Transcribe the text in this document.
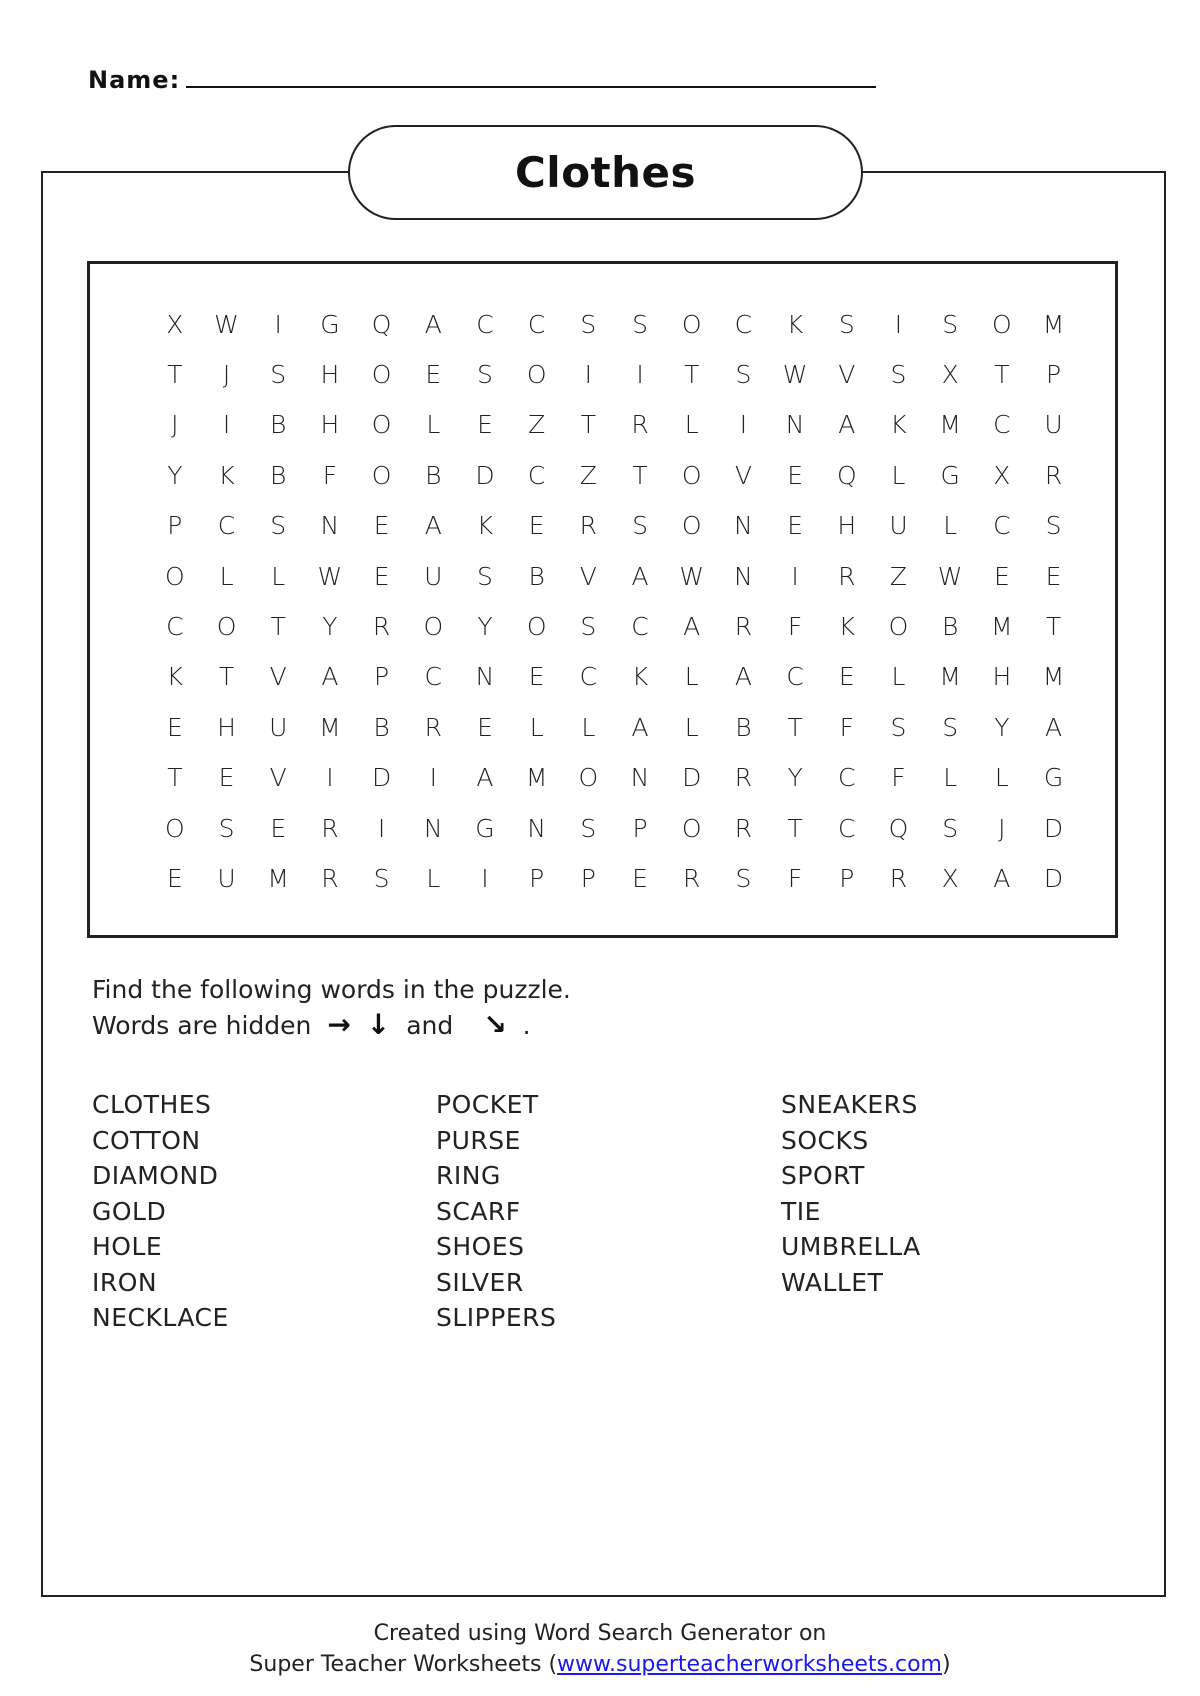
Name:
Clothes
X	W	I	G	Q	A	C	C	S	S	O	C	K	S	I	S	O	M
T	J	S	H	O	E	S	O	I	I	T	S	W	V	S	X	T	P
J	I	B	H	O	L	E	Z	T	R	L	I	N	A	K	M	C	U
Y	K	B	F	O	B	D	C	Z	T	O	V	E	Q	L	G	X	R
P	C	S	N	E	A	K	E	R	S	O	N	E	H	U	L	C	S
O	L	L	W	E	U	S	B	V	A	W	N	I	R	Z	W	E	E
C	O	T	Y	R	O	Y	O	S	C	A	R	F	K	O	B	M	T
K	T	V	A	P	C	N	E	C	K	L	A	C	E	L	M	H	M
E	H	U	M	B	R	E	L	L	A	L	B	T	F	S	S	Y	A
T	E	V	I	D	I	A	M	O	N	D	R	Y	C	F	L	L	G
O	S	E	R	I	N	G	N	S	P	O	R	T	C	Q	S	J	D
E	U	M	R	S	L	I	P	P	E	R	S	F	P	R	X	A	D
Find the following words in the puzzle.
Words are hidden → ↓ and ↘ .
CLOTHES
COTTON
DIAMOND
GOLD
HOLE
IRON
NECKLACE
POCKET
PURSE
RING
SCARF
SHOES
SILVER
SLIPPERS
SNEAKERS
SOCKS
SPORT
TIE
UMBRELLA
WALLET
Created using Word Search Generator on
Super Teacher Worksheets (www.superteacherworksheets.com)
